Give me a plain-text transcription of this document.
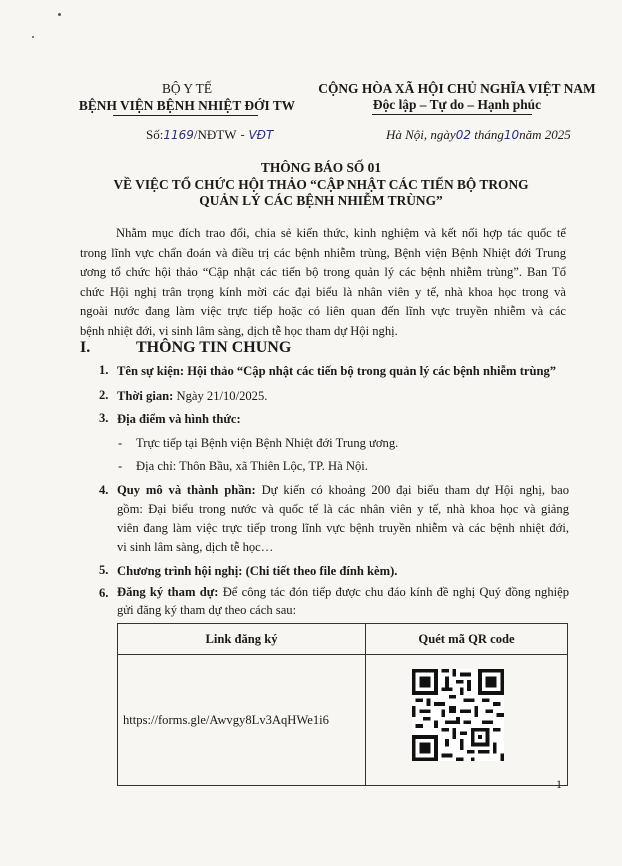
BỘ Y TẾ
BỆNH VIỆN BỆNH NHIỆT ĐỚI TW
CỘNG HÒA XÃ HỘI CHỦ NGHĨA VIỆT NAM
Độc lập – Tự do – Hạnh phúc
Số:1169/NĐTW - VĐT	Hà Nội, ngày02 tháng10năm 2025
THÔNG BÁO SỐ 01
VỀ VIỆC TỔ CHỨC HỘI THẢO “CẬP NHẬT CÁC TIẾN BỘ TRONG
QUẢN LÝ CÁC BỆNH NHIỄM TRÙNG”
Nhằm mục đích trao đổi, chia sẻ kiến thức, kinh nghiệm và kết nối hợp tác quốc tế
trong lĩnh vực chẩn đoán và điều trị các bệnh nhiễm trùng, Bệnh viện Bệnh Nhiệt đới Trung
ương tổ chức hội thảo “Cập nhật các tiến bộ trong quản lý các bệnh nhiễm trùng”. Ban Tổ
chức Hội nghị trân trọng kính mời các đại biểu là nhân viên y tế, nhà khoa học trong và
ngoài nước đang làm việc trực tiếp hoặc có liên quan đến lĩnh vực truyền nhiễm và các
bệnh nhiệt đới, vi sinh lâm sàng, dịch tễ học tham dự Hội nghị.
I.	THÔNG TIN CHUNG
1. Tên sự kiện: Hội thảo “Cập nhật các tiến bộ trong quản lý các bệnh nhiễm trùng”
2. Thời gian: Ngày 21/10/2025.
3. Địa điểm và hình thức:
- Trực tiếp tại Bệnh viện Bệnh Nhiệt đới Trung ương.
- Địa chỉ: Thôn Bầu, xã Thiên Lộc, TP. Hà Nội.
4. Quy mô và thành phần: Dự kiến có khoảng 200 đại biểu tham dự Hội nghị, bao
gồm: Đại biểu trong nước và quốc tế là các nhân viên y tế, nhà khoa học và giảng
viên đang làm việc trực tiếp trong lĩnh vực bệnh truyền nhiễm và các bệnh nhiệt đới,
vi sinh lâm sàng, dịch tễ học…
5. Chương trình hội nghị: (Chi tiết theo file đính kèm).
6. Đăng ký tham dự: Để công tác đón tiếp được chu đáo kính đề nghị Quý đồng nghiệp
gửi đăng ký tham dự theo cách sau:
Link đăng ký	Quét mã QR code
https://forms.gle/Awvgy8Lv3AqHWe1i6	
1
